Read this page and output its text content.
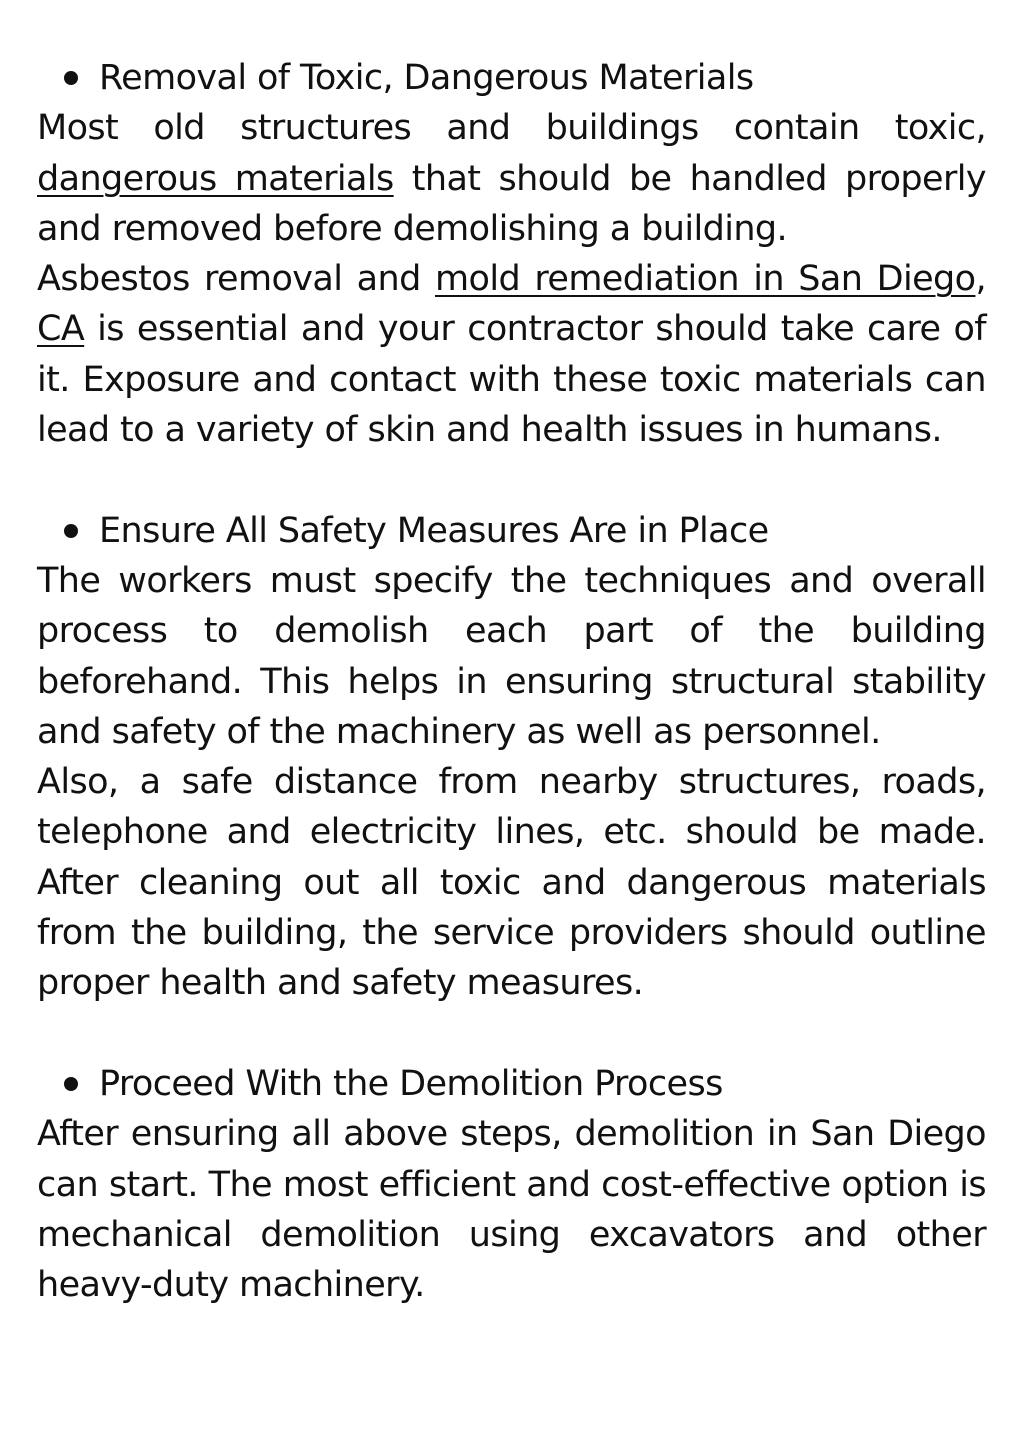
Removal of Toxic, Dangerous Materials

Most old structures and buildings contain toxic, dangerous materials that should be handled properly and removed before demolishing a building.

Asbestos removal and mold remediation in San Diego, CA is essential and your contractor should take care of it. Exposure and contact with these toxic materials can lead to a variety of skin and health issues in humans.

Ensure All Safety Measures Are in Place

The workers must specify the techniques and overall process to demolish each part of the building beforehand. This helps in ensuring structural stability and safety of the machinery as well as personnel.

Also, a safe distance from nearby structures, roads, telephone and electricity lines, etc. should be made. After cleaning out all toxic and dangerous materials from the building, the service providers should outline proper health and safety measures.

Proceed With the Demolition Process

After ensuring all above steps, demolition in San Diego can start. The most efficient and cost-effective option is mechanical demolition using excavators and other heavy-duty machinery.
